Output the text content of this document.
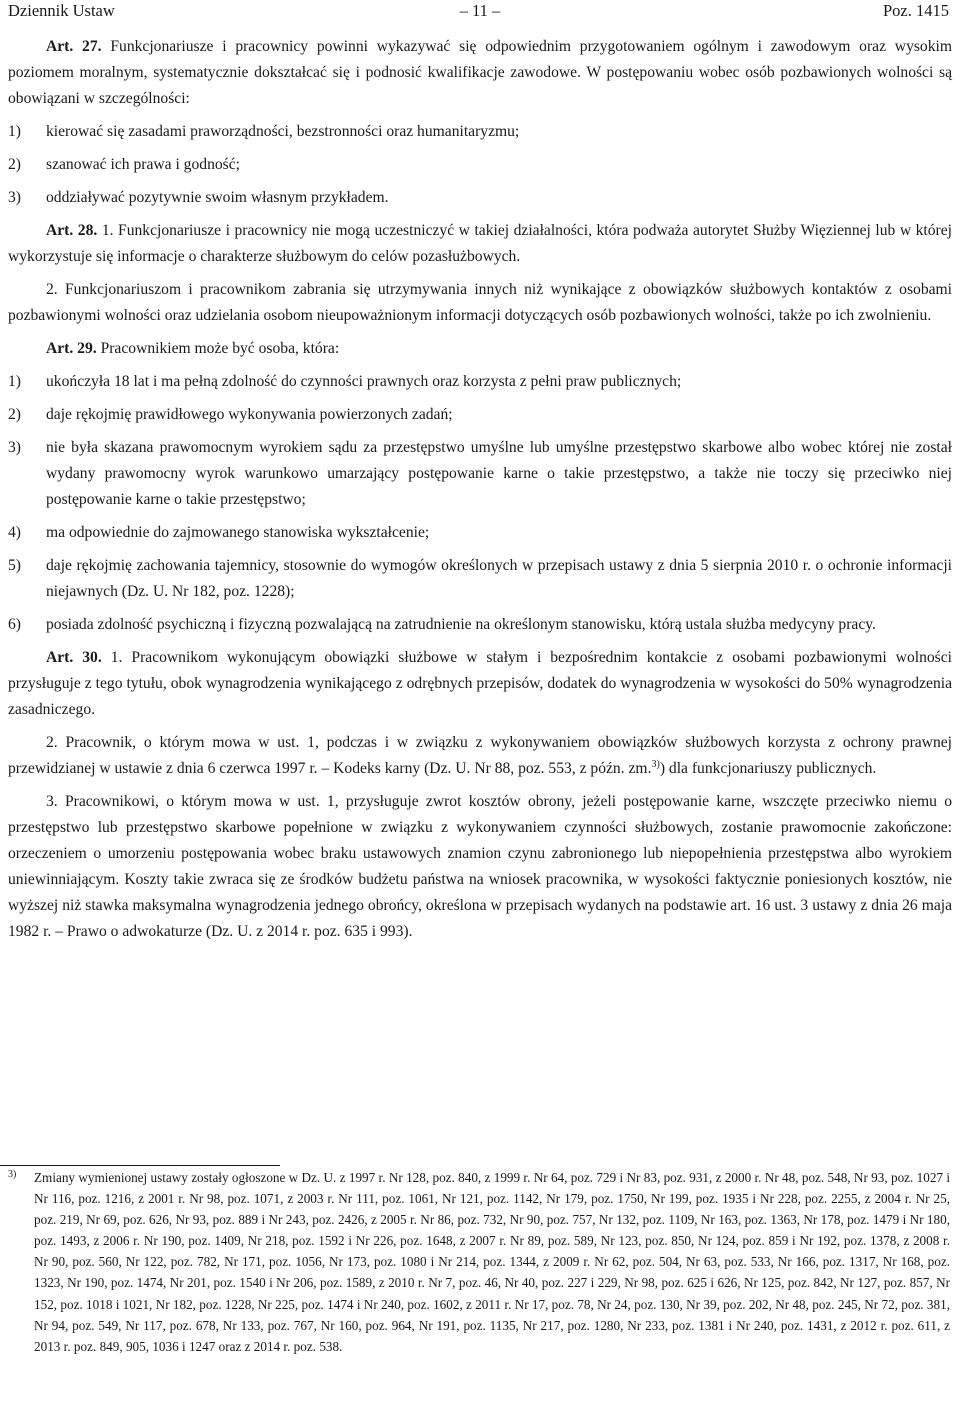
Dziennik Ustaw	– 11 –	Poz. 1415

Art. 27. Funkcjonariusze i pracownicy powinni wykazywać się odpowiednim przygotowaniem ogólnym i zawodowym oraz wysokim poziomem moralnym, systematycznie dokształcać się i podnosić kwalifikacje zawodowe. W postępowaniu wobec osób pozbawionych wolności są obowiązani w szczególności:

1)	kierować się zasadami praworządności, bezstronności oraz humanitaryzmu;
2)	szanować ich prawa i godność;
3)	oddziaływać pozytywnie swoim własnym przykładem.

Art. 28. 1. Funkcjonariusze i pracownicy nie mogą uczestniczyć w takiej działalności, która podważa autorytet Służby Więziennej lub w której wykorzystuje się informacje o charakterze służbowym do celów pozasłużbowych.

2. Funkcjonariuszom i pracownikom zabrania się utrzymywania innych niż wynikające z obowiązków służbowych kontaktów z osobami pozbawionymi wolności oraz udzielania osobom nieupoważnionym informacji dotyczących osób pozbawionych wolności, także po ich zwolnieniu.

Art. 29. Pracownikiem może być osoba, która:

1)	ukończyła 18 lat i ma pełną zdolność do czynności prawnych oraz korzysta z pełni praw publicznych;
2)	daje rękojmię prawidłowego wykonywania powierzonych zadań;
3)	nie była skazana prawomocnym wyrokiem sądu za przestępstwo umyślne lub umyślne przestępstwo skarbowe albo wobec której nie został wydany prawomocny wyrok warunkowo umarzający postępowanie karne o takie przestępstwo, a także nie toczy się przeciwko niej postępowanie karne o takie przestępstwo;
4)	ma odpowiednie do zajmowanego stanowiska wykształcenie;
5)	daje rękojmię zachowania tajemnicy, stosownie do wymogów określonych w przepisach ustawy z dnia 5 sierpnia 2010 r. o ochronie informacji niejawnych (Dz. U. Nr 182, poz. 1228);
6)	posiada zdolność psychiczną i fizyczną pozwalającą na zatrudnienie na określonym stanowisku, którą ustala służba medycyny pracy.

Art. 30. 1. Pracownikom wykonującym obowiązki służbowe w stałym i bezpośrednim kontakcie z osobami pozbawionymi wolności przysługuje z tego tytułu, obok wynagrodzenia wynikającego z odrębnych przepisów, dodatek do wynagrodzenia w wysokości do 50% wynagrodzenia zasadniczego.

2. Pracownik, o którym mowa w ust. 1, podczas i w związku z wykonywaniem obowiązków służbowych korzysta z ochrony prawnej przewidzianej w ustawie z dnia 6 czerwca 1997 r. – Kodeks karny (Dz. U. Nr 88, poz. 553, z późn. zm.$^{3)}$) dla funkcjonariuszy publicznych.

3. Pracownikowi, o którym mowa w ust. 1, przysługuje zwrot kosztów obrony, jeżeli postępowanie karne, wszczęte przeciwko niemu o przestępstwo lub przestępstwo skarbowe popełnione w związku z wykonywaniem czynności służbowych, zostanie prawomocnie zakończone: orzeczeniem o umorzeniu postępowania wobec braku ustawowych znamion czynu zabronionego lub niepopełnienia przestępstwa albo wyrokiem uniewinniającym. Koszty takie zwraca się ze środków budżetu państwa na wniosek pracownika, w wysokości faktycznie poniesionych kosztów, nie wyższej niż stawka maksymalna wynagrodzenia jednego obrońcy, określona w przepisach wydanych na podstawie art. 16 ust. 3 ustawy z dnia 26 maja 1982 r. – Prawo o adwokaturze (Dz. U. z 2014 r. poz. 635 i 993).

3)	Zmiany wymienionej ustawy zostały ogłoszone w Dz. U. z 1997 r. Nr 128, poz. 840, z 1999 r. Nr 64, poz. 729 i Nr 83, poz. 931, z 2000 r. Nr 48, poz. 548, Nr 93, poz. 1027 i Nr 116, poz. 1216, z 2001 r. Nr 98, poz. 1071, z 2003 r. Nr 111, poz. 1061, Nr 121, poz. 1142, Nr 179, poz. 1750, Nr 199, poz. 1935 i Nr 228, poz. 2255, z 2004 r. Nr 25, poz. 219, Nr 69, poz. 626, Nr 93, poz. 889 i Nr 243, poz. 2426, z 2005 r. Nr 86, poz. 732, Nr 90, poz. 757, Nr 132, poz. 1109, Nr 163, poz. 1363, Nr 178, poz. 1479 i Nr 180, poz. 1493, z 2006 r. Nr 190, poz. 1409, Nr 218, poz. 1592 i Nr 226, poz. 1648, z 2007 r. Nr 89, poz. 589, Nr 123, poz. 850, Nr 124, poz. 859 i Nr 192, poz. 1378, z 2008 r. Nr 90, poz. 560, Nr 122, poz. 782, Nr 171, poz. 1056, Nr 173, poz. 1080 i Nr 214, poz. 1344, z 2009 r. Nr 62, poz. 504, Nr 63, poz. 533, Nr 166, poz. 1317, Nr 168, poz. 1323, Nr 190, poz. 1474, Nr 201, poz. 1540 i Nr 206, poz. 1589, z 2010 r. Nr 7, poz. 46, Nr 40, poz. 227 i 229, Nr 98, poz. 625 i 626, Nr 125, poz. 842, Nr 127, poz. 857, Nr 152, poz. 1018 i 1021, Nr 182, poz. 1228, Nr 225, poz. 1474 i Nr 240, poz. 1602, z 2011 r. Nr 17, poz. 78, Nr 24, poz. 130, Nr 39, poz. 202, Nr 48, poz. 245, Nr 72, poz. 381, Nr 94, poz. 549, Nr 117, poz. 678, Nr 133, poz. 767, Nr 160, poz. 964, Nr 191, poz. 1135, Nr 217, poz. 1280, Nr 233, poz. 1381 i Nr 240, poz. 1431, z 2012 r. poz. 611, z 2013 r. poz. 849, 905, 1036 i 1247 oraz z 2014 r. poz. 538.
